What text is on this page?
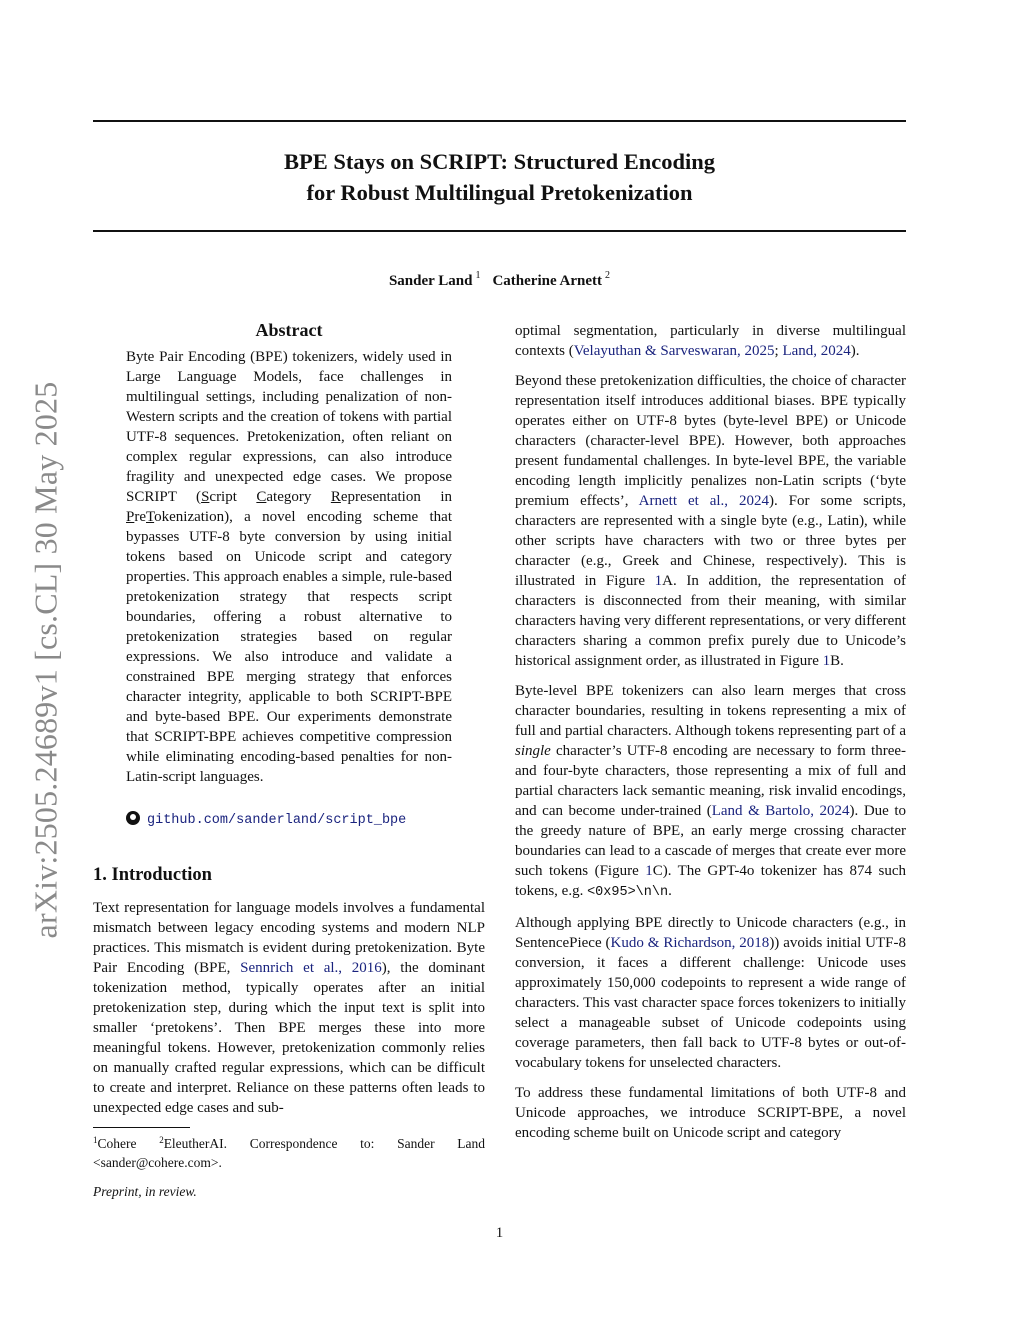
BPE Stays on SCRIPT: Structured Encoding
for Robust Multilingual Pretokenization
Sander Land $^1$ Catherine Arnett $^2$
arXiv:2505.24689v1 [cs.CL] 30 May 2025
Abstract
Byte Pair Encoding (BPE) tokenizers, widely used in Large Language Models, face challenges in multilingual settings, including penalization of non-Western scripts and the creation of tokens with partial UTF-8 sequences. Pretokenization, often reliant on complex regular expressions, can also introduce fragility and unexpected edge cases. We propose SCRIPT (Script Category Representation in PreTokenization), a novel encoding scheme that bypasses UTF-8 byte conversion by using initial tokens based on Unicode script and category properties. This approach enables a simple, rule-based pretokenization strategy that respects script boundaries, offering a robust alternative to pretokenization strategies based on regular expressions. We also introduce and validate a constrained BPE merging strategy that enforces character integrity, applicable to both SCRIPT-BPE and byte-based BPE. Our experiments demonstrate that SCRIPT-BPE achieves competitive compression while eliminating encoding-based penalties for non-Latin-script languages.
github.com/sanderland/script_bpe
1. Introduction
Text representation for language models involves a fundamental mismatch between legacy encoding systems and modern NLP practices. This mismatch is evident during pretokenization. Byte Pair Encoding (BPE, Sennrich et al., 2016), the dominant tokenization method, typically operates after an initial pretokenization step, during which the input text is split into smaller ‘pretokens’. Then BPE merges these into more meaningful tokens. However, pretokenization commonly relies on manually crafted regular expressions, which can be difficult to create and interpret. Reliance on these patterns often leads to unexpected edge cases and sub-
$^1$Cohere	$^2$EleutherAI. Correspondence to: Sander Land <sander@cohere.com>.
Preprint, in review.

optimal segmentation, particularly in diverse multilingual contexts (Velayuthan & Sarveswaran, 2025; Land, 2024).

Beyond these pretokenization difficulties, the choice of character representation itself introduces additional biases. BPE typically operates either on UTF-8 bytes (byte-level BPE) or Unicode characters (character-level BPE). However, both approaches present fundamental challenges. In byte-level BPE, the variable encoding length implicitly penalizes non-Latin scripts (‘byte premium effects’, Arnett et al., 2024). For some scripts, characters are represented with a single byte (e.g., Latin), while other scripts have characters with two or three bytes per character (e.g., Greek and Chinese, respectively). This is illustrated in Figure 1A. In addition, the representation of characters is disconnected from their meaning, with similar characters having very different representations, or very different characters sharing a common prefix purely due to Unicode’s historical assignment order, as illustrated in Figure 1B.

Byte-level BPE tokenizers can also learn merges that cross character boundaries, resulting in tokens representing a mix of full and partial characters. Although tokens representing part of a single character’s UTF-8 encoding are necessary to form three- and four-byte characters, those representing a mix of full and partial characters lack semantic meaning, risk invalid encodings, and can become under-trained (Land & Bartolo, 2024). Due to the greedy nature of BPE, an early merge crossing character boundaries can lead to a cascade of merges that create ever more such tokens (Figure 1C). The GPT-4o tokenizer has 874 such tokens, e.g. <0x95>\n\n.

Although applying BPE directly to Unicode characters (e.g., in SentencePiece (Kudo & Richardson, 2018)) avoids initial UTF-8 conversion, it faces a different challenge: Unicode uses approximately 150,000 codepoints to represent a wide range of characters. This vast character space forces tokenizers to initially select a manageable subset of Unicode codepoints using coverage parameters, then fall back to UTF-8 bytes or out-of-vocabulary tokens for unselected characters.

To address these fundamental limitations of both UTF-8 and Unicode approaches, we introduce SCRIPT-BPE, a novel encoding scheme built on Unicode script and category

1
